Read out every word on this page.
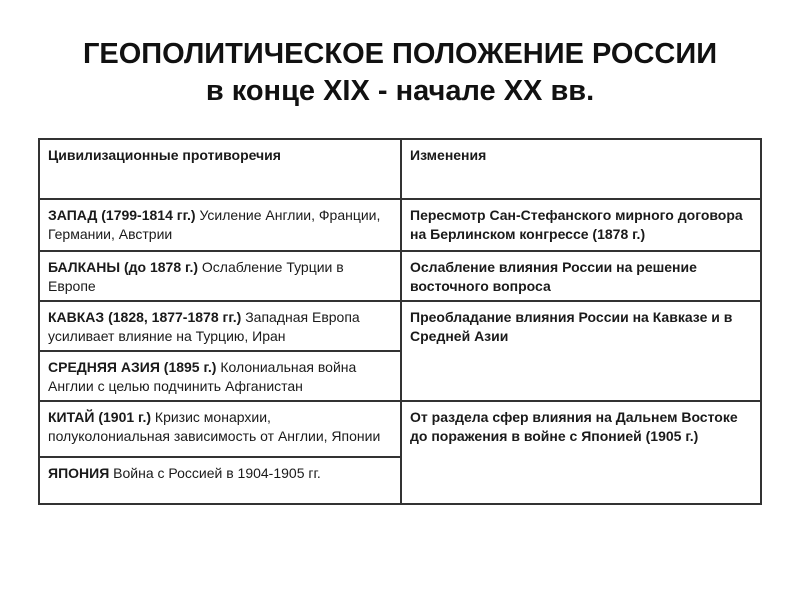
ГЕОПОЛИТИЧЕСКОЕ ПОЛОЖЕНИЕ РОССИИ
в конце XIX - начале XX вв.
Цивилизационные противоречия	Изменения
ЗАПАД (1799-1814 гг.) Усиление Англии, Франции, Германии, Австрии	Пересмотр Сан-Стефанского мирного договора на Берлинском конгрессе (1878 г.)
БАЛКАНЫ (до 1878 г.) Ослабление Турции в Европе	Ослабление влияния России на решение восточного вопроса
КАВКАЗ (1828, 1877-1878 гг.) Западная Европа усиливает влияние на Турцию, Иран	Преобладание влияния России на Кавказе и в Средней Азии
СРЕДНЯЯ АЗИЯ (1895 г.) Колониальная война Англии с целью подчинить Афганистан	
КИТАЙ (1901 г.) Кризис монархии, полуколониальная зависимость от Англии, Японии	От раздела сфер влияния на Дальнем Востоке до поражения в войне с Японией (1905 г.)
ЯПОНИЯ Война с Россией в 1904-1905 гг.	
